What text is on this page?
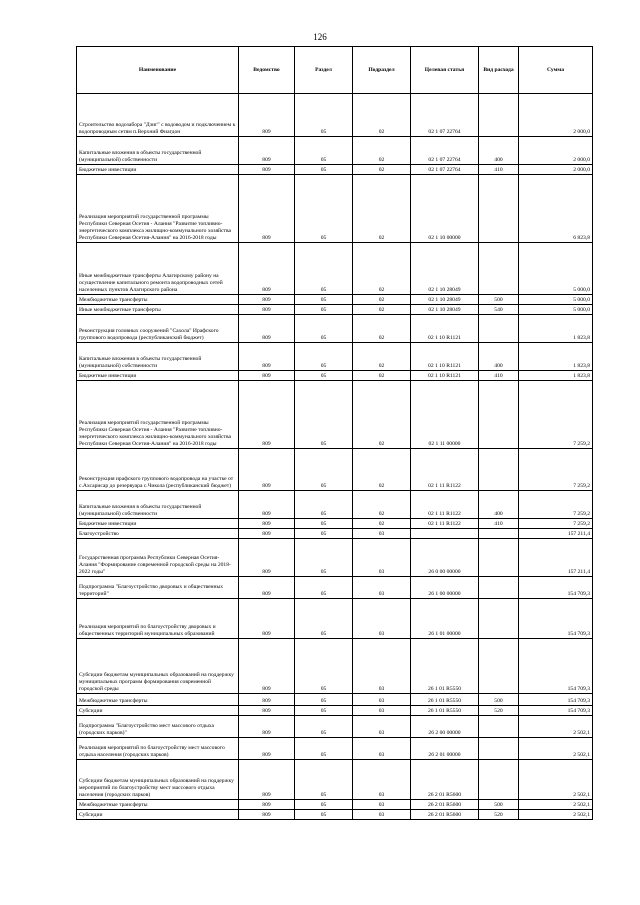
126
Наименование	Ведомство	Раздел	Подраздел	Целевая статья	Вид расхода	Сумма
Строительство водозабора "Дзиг" с водоводом и подключением к водопроводным сетям п.Верхний Фиагдон	809	05	02	02 1 07 22764		2 000,0
Капитальные вложения в объекты государственной (муниципальной) собственности	809	05	02	02 1 07 22764	400	2 000,0
Бюджетные инвестиции	809	05	02	02 1 07 22764	410	2 000,0
Реализация мероприятий государственной программы Республики Северная Осетия - Алания "Развитие топливно-энергетического комплекса жилищно-коммунального хозяйства Республики Северная Осетия-Алания" на 2016-2018 годы	809	05	02	02 1 10 00000		6 823,8
Иные межбюджетные трансферты Алагирскому району на осуществление капитального ремонта водопроводных сетей населенных пунктов Алагирского района	809	05	02	02 1 10 28049		5 000,0
Межбюджетные трансферты	809	05	02	02 1 10 28049	500	5 000,0
Иные межбюджетные трансферты	809	05	02	02 1 10 28049	540	5 000,0
Реконструкция головных сооружений "Сахола" Ирафского группового водопровода (республиканский бюджет)	809	05	02	02 1 10 R1121		1 823,8
Капитальные вложения в объекты государственной (муниципальной) собственности	809	05	02	02 1 10 R1121	400	1 823,8
Бюджетные инвестиции	809	05	02	02 1 10 R1121	410	1 823,8
Реализация мероприятий государственной программы Республики Северная Осетия - Алания "Развитие топливно-энергетического комплекса жилищно-коммунального хозяйства Республики Северная Осетия-Алания" на 2016-2018 годы	809	05	02	02 1 11 00000		7 259,2
Реконструкция ирафского группового водопровода на участке от с.Ахсарисар до резервуара с.Чикола (республиканский бюджет)	809	05	02	02 1 11 R1122		7 259,2
Капитальные вложения в объекты государственной (муниципальной) собственности	809	05	02	02 1 11 R1122	400	7 259,2
Бюджетные инвестиции	809	05	02	02 1 11 R1122	410	7 259,2
Благоустройство	809	05	03			157 211,4
Государственная программа Республики Северная Осетия-Алания "Формирование современной городской среды на 2018-2022 годы"	809	05	03	26 0 00 00000		157 211,4
Подпрограмма "Благоустройство дворовых и общественных территорий"	809	05	03	26 1 00 00000		154 709,3
Реализация мероприятий по благоустройству дворовых и общественных территорий муниципальных образований	809	05	03	26 1 01 00000		154 709,3
Субсидии бюджетам муниципальных образований на поддержку муниципальных программ формирования современной городской среды	809	05	03	26 1 01 R5550		154 709,3
Межбюджетные трансферты	809	05	03	26 1 01 R5550	500	154 709,3
Субсидии	809	05	03	26 1 01 R5550	520	154 709,3
Подпрограмма "Благоустройство мест массового отдыха (городских парков)"	809	05	03	26 2 00 00000		2 502,1
Реализация мероприятий по благоустройству мест массового отдыха населения (городских парков)	809	05	03	26 2 01 00000		2 502,1
Субсидии бюджетам муниципальных образований на поддержку мероприятий по благоустройству мест массового отдыха населения (городских парков)	809	05	03	26 2 01 R5600		2 502,1
Межбюджетные трансферты	809	05	03	26 2 01 R5600	500	2 502,1
Субсидии	809	05	03	26 2 01 R5600	520	2 502,1
